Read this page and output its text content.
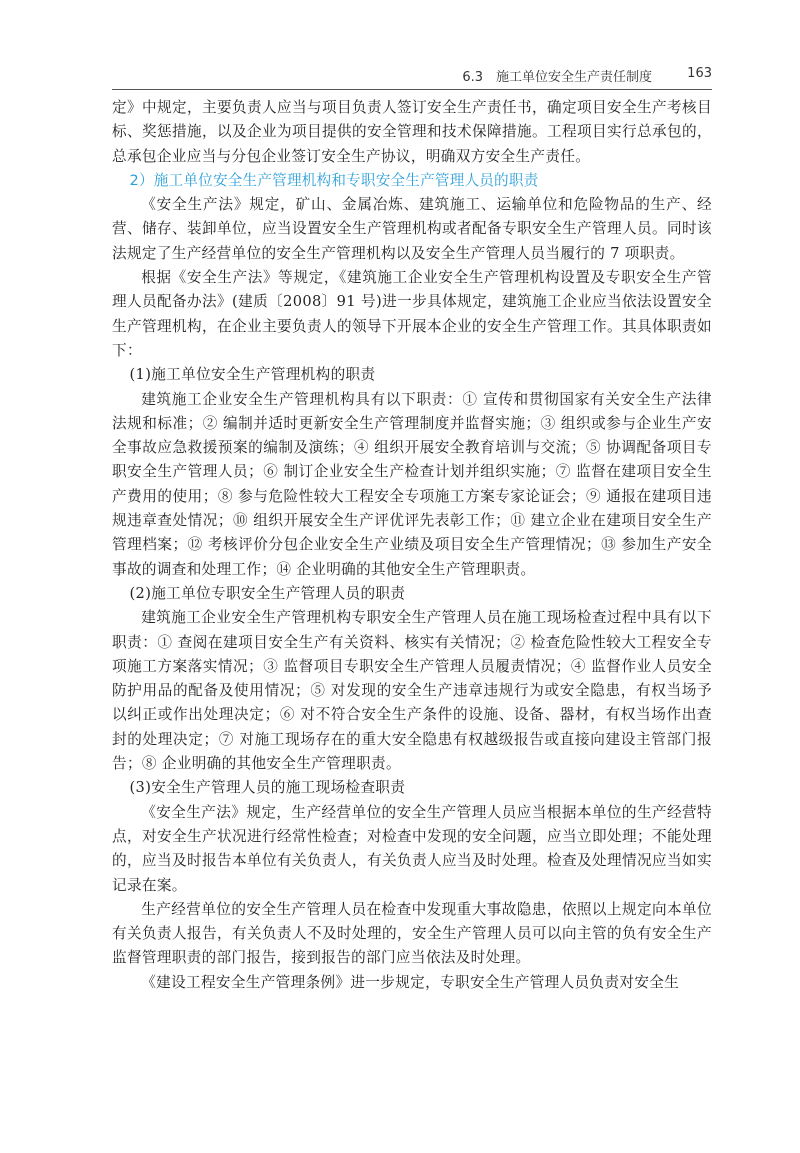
6.3　施工单位安全生产责任制度	163

定》中规定，主要负责人应当与项目负责人签订安全生产责任书，确定项目安全生产考核目标、奖惩措施，以及企业为项目提供的安全管理和技术保障措施。工程项目实行总承包的，总承包企业应当与分包企业签订安全生产协议，明确双方安全生产责任。

2）施工单位安全生产管理机构和专职安全生产管理人员的职责

《安全生产法》规定，矿山、金属冶炼、建筑施工、运输单位和危险物品的生产、经营、储存、装卸单位，应当设置安全生产管理机构或者配备专职安全生产管理人员。同时该法规定了生产经营单位的安全生产管理机构以及安全生产管理人员当履行的 7 项职责。

根据《安全生产法》等规定，《建筑施工企业安全生产管理机构设置及专职安全生产管理人员配备办法》(建质〔2008〕91 号)进一步具体规定，建筑施工企业应当依法设置安全生产管理机构，在企业主要负责人的领导下开展本企业的安全生产管理工作。其具体职责如下：

(1)施工单位安全生产管理机构的职责

建筑施工企业安全生产管理机构具有以下职责：① 宣传和贯彻国家有关安全生产法律法规和标准；② 编制并适时更新安全生产管理制度并监督实施；③ 组织或参与企业生产安全事故应急救援预案的编制及演练；④ 组织开展安全教育培训与交流；⑤ 协调配备项目专职安全生产管理人员；⑥ 制订企业安全生产检查计划并组织实施；⑦ 监督在建项目安全生产费用的使用；⑧ 参与危险性较大工程安全专项施工方案专家论证会；⑨ 通报在建项目违规违章查处情况；⑩ 组织开展安全生产评优评先表彰工作；⑪ 建立企业在建项目安全生产管理档案；⑫ 考核评价分包企业安全生产业绩及项目安全生产管理情况；⑬ 参加生产安全事故的调查和处理工作；⑭ 企业明确的其他安全生产管理职责。

(2)施工单位专职安全生产管理人员的职责

建筑施工企业安全生产管理机构专职安全生产管理人员在施工现场检查过程中具有以下职责：① 查阅在建项目安全生产有关资料、核实有关情况；② 检查危险性较大工程安全专项施工方案落实情况；③ 监督项目专职安全生产管理人员履责情况；④ 监督作业人员安全防护用品的配备及使用情况；⑤ 对发现的安全生产违章违规行为或安全隐患，有权当场予以纠正或作出处理决定；⑥ 对不符合安全生产条件的设施、设备、器材，有权当场作出查封的处理决定；⑦ 对施工现场存在的重大安全隐患有权越级报告或直接向建设主管部门报告；⑧ 企业明确的其他安全生产管理职责。

(3)安全生产管理人员的施工现场检查职责

《安全生产法》规定，生产经营单位的安全生产管理人员应当根据本单位的生产经营特点，对安全生产状况进行经常性检查；对检查中发现的安全问题，应当立即处理；不能处理的，应当及时报告本单位有关负责人，有关负责人应当及时处理。检查及处理情况应当如实记录在案。

生产经营单位的安全生产管理人员在检查中发现重大事故隐患，依照以上规定向本单位有关负责人报告，有关负责人不及时处理的，安全生产管理人员可以向主管的负有安全生产监督管理职责的部门报告，接到报告的部门应当依法及时处理。

《建设工程安全生产管理条例》进一步规定，专职安全生产管理人员负责对安全生
